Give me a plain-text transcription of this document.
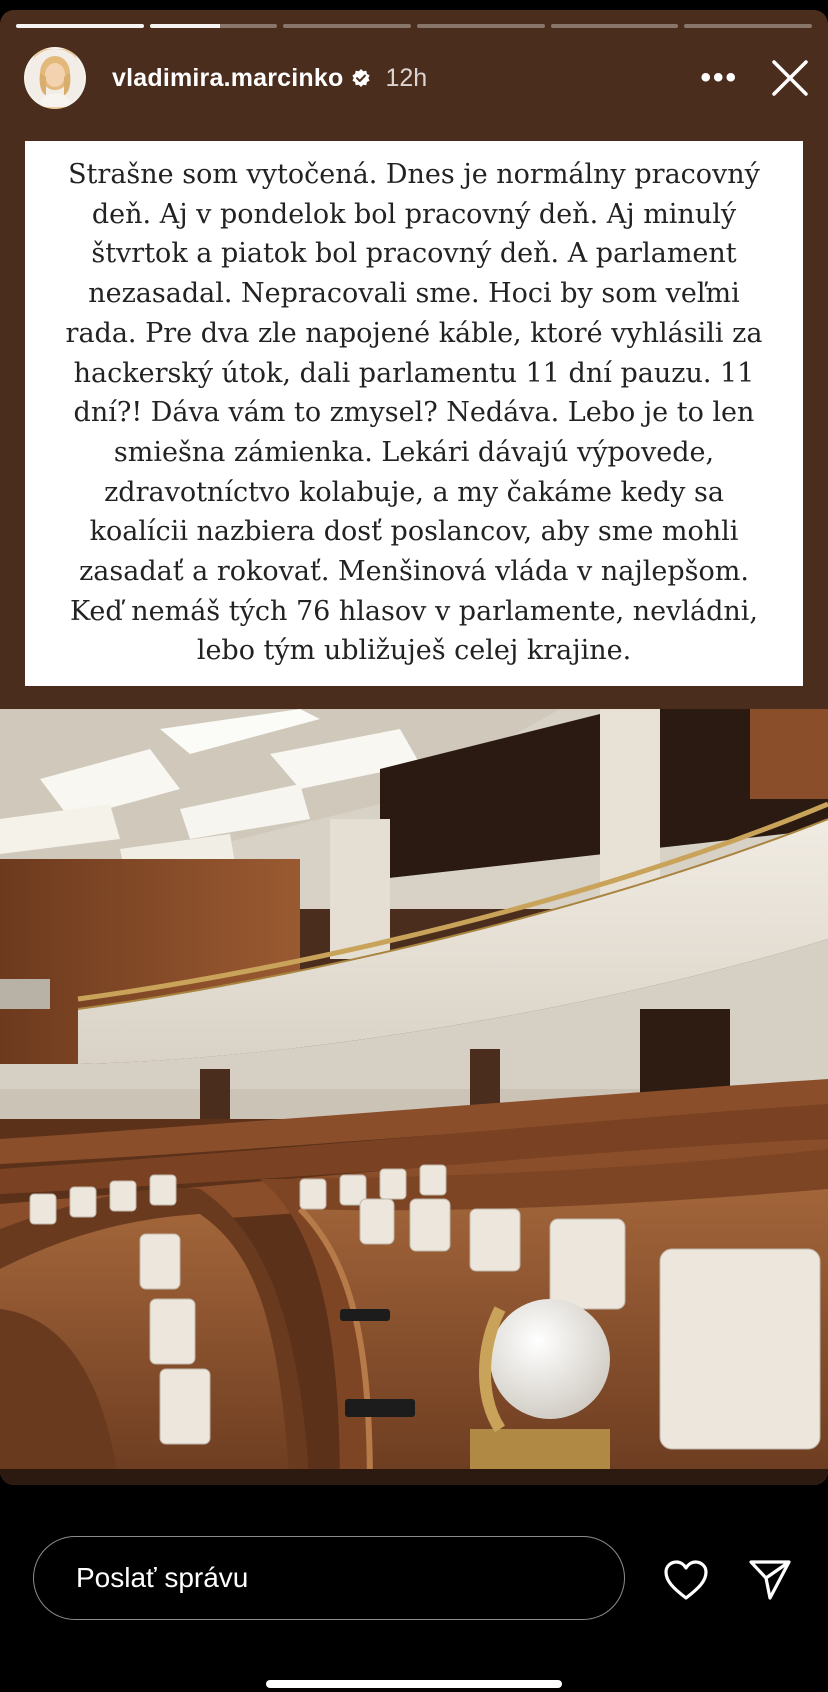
vladimira.marcinko 12h	•••
Strašne som vytočená. Dnes je normálny pracovný
deň. Aj v pondelok bol pracovný deň. Aj minulý
štvrtok a piatok bol pracovný deň. A parlament
nezasadal. Nepracovali sme. Hoci by som veľmi
rada. Pre dva zle napojené káble, ktoré vyhlásili za
hackerský útok, dali parlamentu 11 dní pauzu. 11
dní?! Dáva vám to zmysel? Nedáva. Lebo je to len
smiešna zámienka. Lekári dávajú výpovede,
zdravotníctvo kolabuje, a my čakáme kedy sa
koalícii nazbiera dosť poslancov, aby sme mohli
zasadať a rokovať. Menšinová vláda v najlepšom.
Keď nemáš tých 76 hlasov v parlamente, nevládni,
lebo tým ubližuješ celej krajine.
Poslať správu
